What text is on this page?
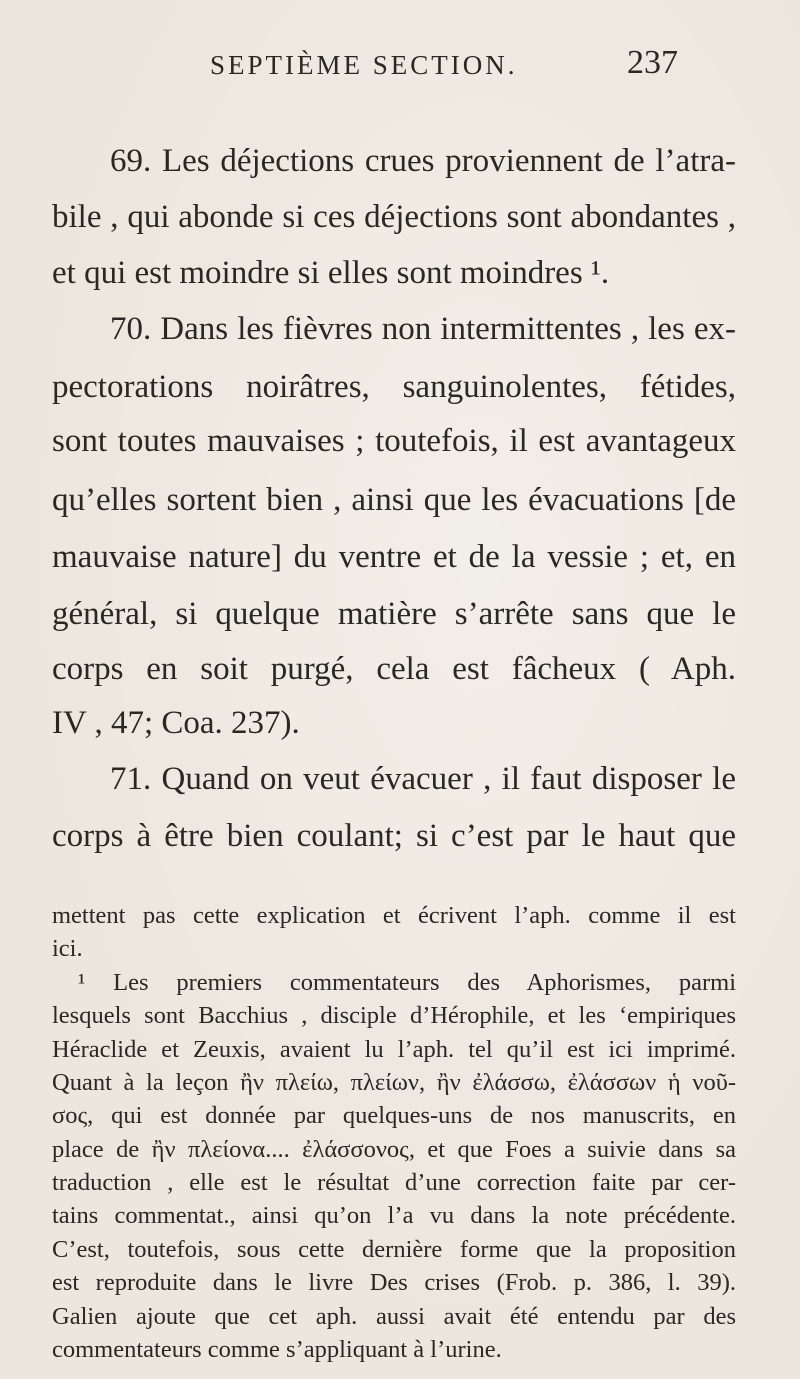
SEPTIÈME SECTION.	237
69. Les déjections crues proviennent de l’atra-
bile , qui abonde si ces déjections sont abondantes ,
et qui est moindre si elles sont moindres ¹.
70. Dans les fièvres non intermittentes , les ex-
pectorations noirâtres, sanguinolentes, fétides,
sont toutes mauvaises ; toutefois, il est avantageux
qu’elles sortent bien , ainsi que les évacuations [de
mauvaise nature] du ventre et de la vessie ; et, en
général, si quelque matière s’arrête sans que le
corps en soit purgé, cela est fâcheux ( Aph.
IV , 47; Coa. 237).
71. Quand on veut évacuer , il faut disposer le
corps à être bien coulant; si c’est par le haut que
mettent pas cette explication et écrivent l’aph. comme il est
ici.
¹ Les premiers commentateurs des Aphorismes, parmi
lesquels sont Bacchius , disciple d’Hérophile, et les ʻempiriques
Héraclide et Zeuxis, avaient lu l’aph. tel qu’il est ici imprimé.
Quant à la leçon ἢν πλείω, πλείων, ἢν ἐλάσσω, ἐλάσσων ἡ νοῦ-
σος, qui est donnée par quelques-uns de nos manuscrits, en
place de ἢν πλείονα.... ἐλάσσονος, et que Foes a suivie dans sa
traduction , elle est le résultat d’une correction faite par cer-
tains commentat., ainsi qu’on l’a vu dans la note précédente.
C’est, toutefois, sous cette dernière forme que la proposition
est reproduite dans le livre Des crises (Frob. p. 386, l. 39).
Galien ajoute que cet aph. aussi avait été entendu par des
commentateurs comme s’appliquant à l’urine.
